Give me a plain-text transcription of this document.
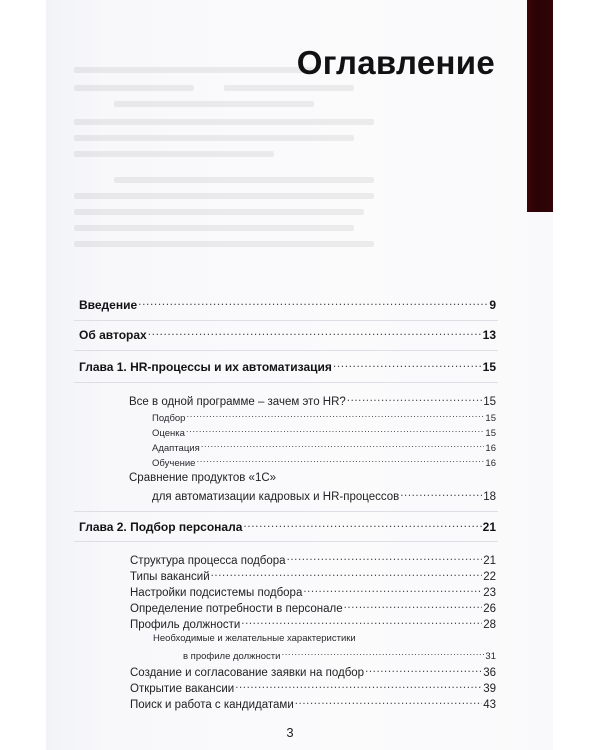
Оглавление
Введение .....	9
Об авторах .....	13
Глава 1. HR-процессы и их автоматизация .....	15
Все в одной программе – зачем это HR? .....	15
Подбор .....	15
Оценка .....	15
Адаптация .....	16
Обучение .....	16
Сравнение продуктов «1С»
для автоматизации кадровых и HR-процессов .....	18
Глава 2. Подбор персонала .....	21
Структура процесса подбора .....	21
Типы вакансий .....	22
Настройки подсистемы подбора .....	23
Определение потребности в персонале .....	26
Профиль должности .....	28
Необходимые и желательные характеристики
в профиле должности .....	31
Создание и согласование заявки на подбор .....	36
Открытие вакансии .....	39
Поиск и работа с кандидатами .....	43
3
